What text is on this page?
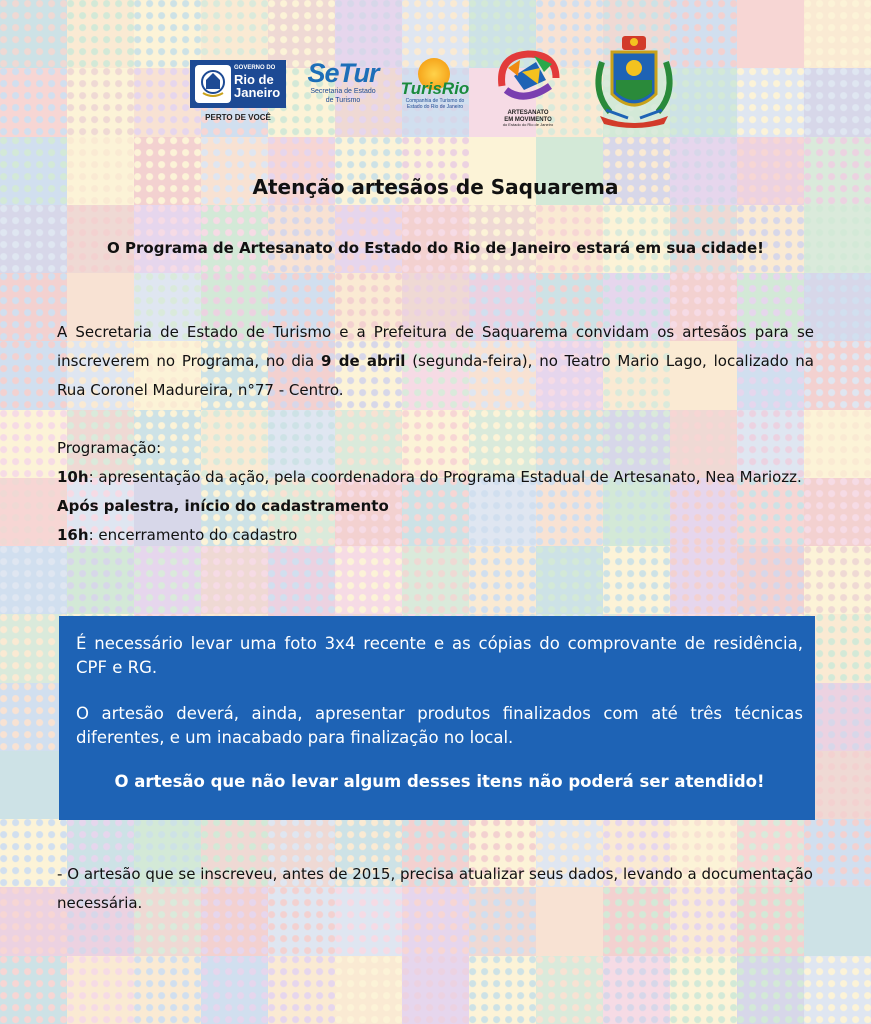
GOVERNO DO
Rio de
Janeiro
PERTO DE VOCÊ
SeTur
Secretaria de Estado
de Turismo
TurisRio
Companhia de Turismo do
Estado do Rio de Janeiro
ARTESANATO
EM MOVIMENTO
do Estado do Rio de Janeiro
Atenção artesãos de Saquarema
O Programa de Artesanato do Estado do Rio de Janeiro estará em sua cidade!
A Secretaria de Estado de Turismo e a Prefeitura de Saquarema convidam os artesãos para se inscreverem no Programa, no dia 9 de abril (segunda-feira), no Teatro Mario Lago, localizado na Rua Coronel Madureira, n°77 - Centro.

Programação:

10h: apresentação da ação, pela coordenadora do Programa Estadual de Artesanato, Nea Mariozz.

Após palestra, início do cadastramento

16h: encerramento do cadastro

É necessário levar uma foto 3x4 recente e as cópias do comprovante de residência, CPF e RG.

O artesão deverá, ainda, apresentar produtos finalizados com até três técnicas diferentes, e um inacabado para finalização no local.

O artesão que não levar algum desses itens não poderá ser atendido!

- O artesão que se inscreveu, antes de 2015, precisa atualizar seus dados, levando a documentação necessária.
